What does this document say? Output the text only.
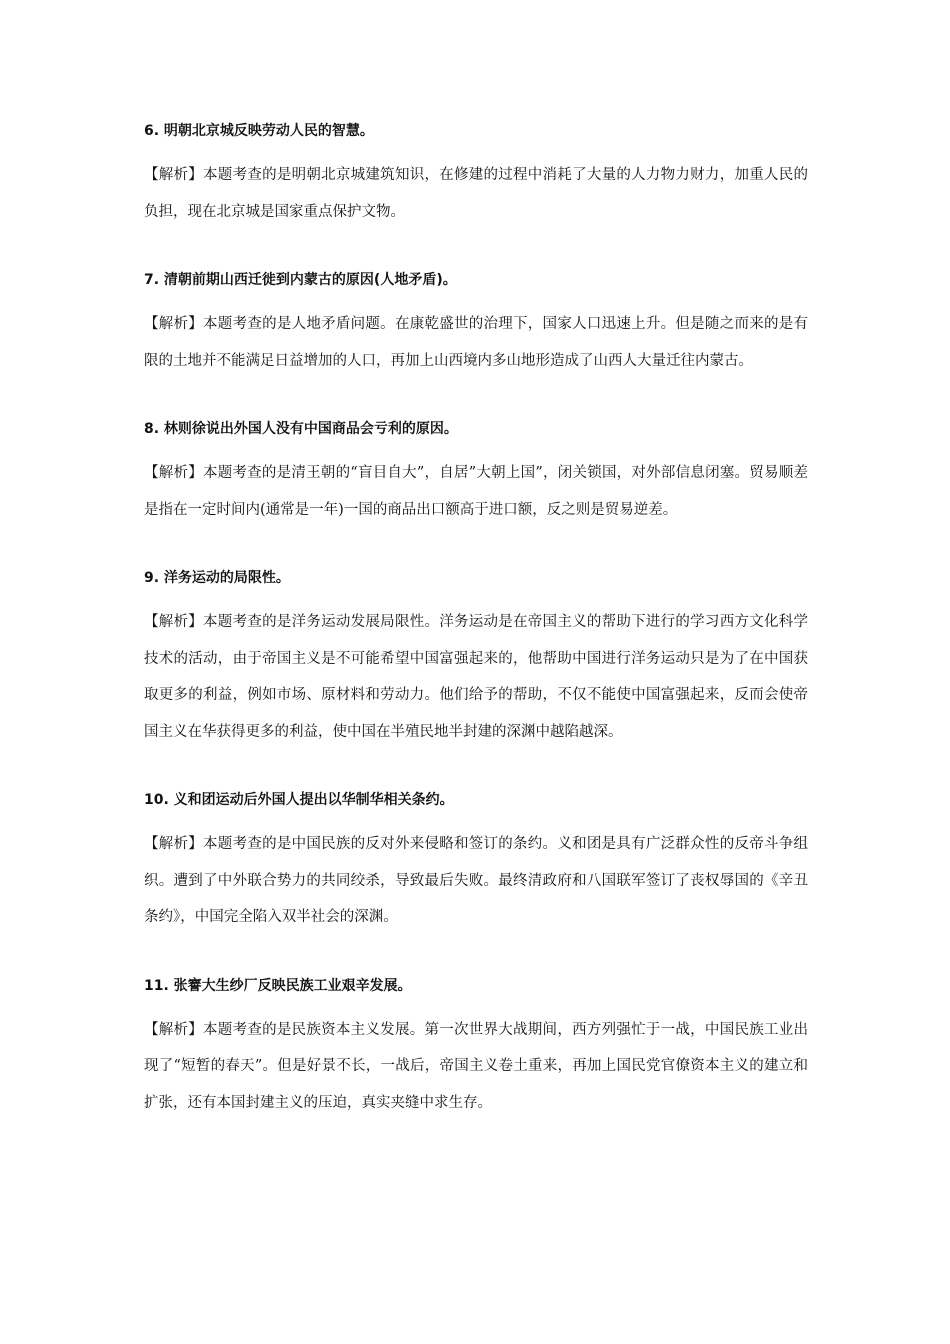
6. 明朝北京城反映劳动人民的智慧。

【解析】本题考查的是明朝北京城建筑知识，在修建的过程中消耗了大量的人力物力财力，加重人民的负担，现在北京城是国家重点保护文物。

7. 清朝前期山西迁徙到内蒙古的原因(人地矛盾)。

【解析】本题考查的是人地矛盾问题。在康乾盛世的治理下，国家人口迅速上升。但是随之而来的是有限的土地并不能满足日益增加的人口，再加上山西境内多山地形造成了山西人大量迁往内蒙古。

8. 林则徐说出外国人没有中国商品会亏利的原因。

【解析】本题考查的是清王朝的“盲目自大”，自居”大朝上国”，闭关锁国，对外部信息闭塞。贸易顺差是指在一定时间内(通常是一年)一国的商品出口额高于进口额，反之则是贸易逆差。

9. 洋务运动的局限性。

【解析】本题考查的是洋务运动发展局限性。洋务运动是在帝国主义的帮助下进行的学习西方文化科学技术的活动，由于帝国主义是不可能希望中国富强起来的，他帮助中国进行洋务运动只是为了在中国获取更多的利益，例如市场、原材料和劳动力。他们给予的帮助，不仅不能使中国富强起来，反而会使帝国主义在华获得更多的利益，使中国在半殖民地半封建的深渊中越陷越深。

10. 义和团运动后外国人提出以华制华相关条约。

【解析】本题考查的是中国民族的反对外来侵略和签订的条约。义和团是具有广泛群众性的反帝斗争组织。遭到了中外联合势力的共同绞杀，导致最后失败。最终清政府和八国联军签订了丧权辱国的《辛丑条约》，中国完全陷入双半社会的深渊。

11. 张謇大生纱厂反映民族工业艰辛发展。

【解析】本题考查的是民族资本主义发展。第一次世界大战期间，西方列强忙于一战，中国民族工业出现了“短暂的春天”。但是好景不长，一战后，帝国主义卷土重来，再加上国民党官僚资本主义的建立和扩张，还有本国封建主义的压迫，真实夹缝中求生存。
